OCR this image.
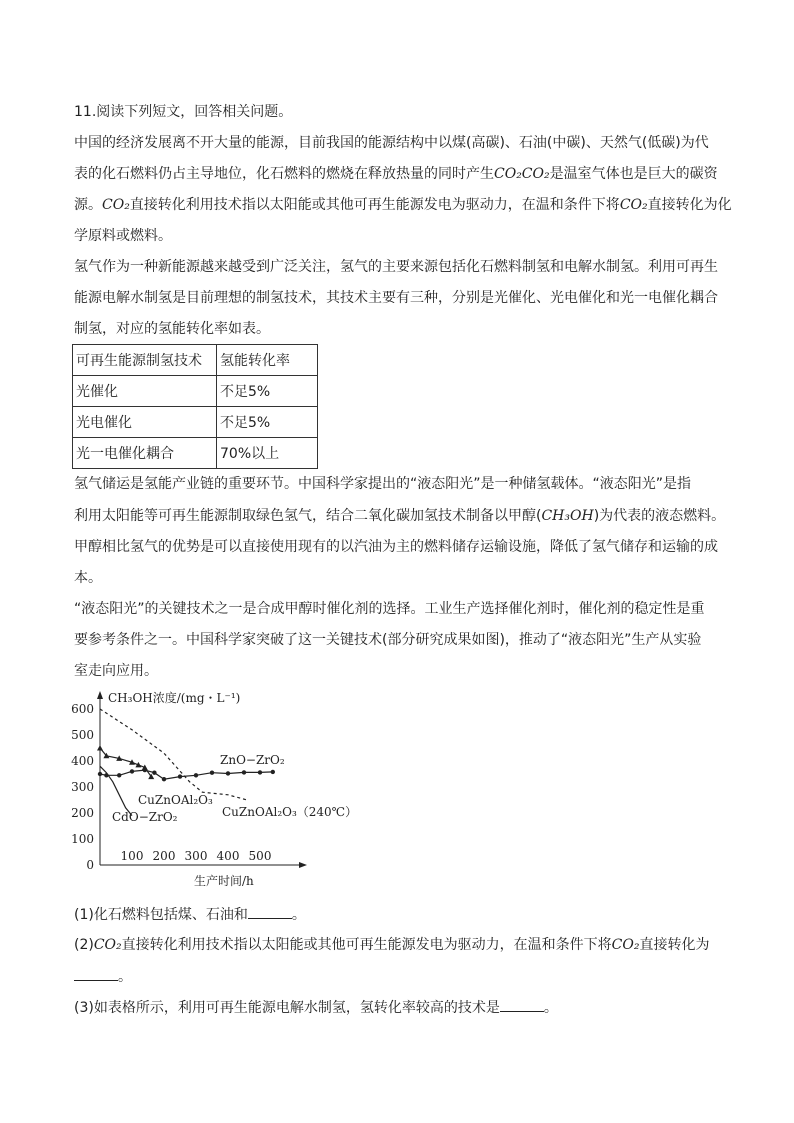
11.阅读下列短文，回答相关问题。
中国的经济发展离不开大量的能源，目前我国的能源结构中以煤(高碳)、石油(中碳)、天然气(低碳)为代
表的化石燃料仍占主导地位，化石燃料的燃烧在释放热量的同时产生CO₂CO₂是温室气体也是巨大的碳资
源。CO₂直接转化利用技术指以太阳能或其他可再生能源发电为驱动力，在温和条件下将CO₂直接转化为化
学原料或燃料。
氢气作为一种新能源越来越受到广泛关注，氢气的主要来源包括化石燃料制氢和电解水制氢。利用可再生
能源电解水制氢是目前理想的制氢技术，其技术主要有三种，分别是光催化、光电催化和光一电催化耦合
制氢，对应的氢能转化率如表。
可再生能源制氢技术	氢能转化率
光催化	不足5%
光电催化	不足5%
光一电催化耦合	70%以上
氢气储运是氢能产业链的重要环节。中国科学家提出的“液态阳光”是一种储氢载体。“液态阳光”是指
利用太阳能等可再生能源制取绿色氢气，结合二氧化碳加氢技术制备以甲醇(CH₃OH)为代表的液态燃料。
甲醇相比氢气的优势是可以直接使用现有的以汽油为主的燃料储存运输设施，降低了氢气储存和运输的成
本。
“液态阳光”的关键技术之一是合成甲醇时催化剂的选择。工业生产选择催化剂时，催化剂的稳定性是重
要参考条件之一。中国科学家突破了这一关键技术(部分研究成果如图)，推动了“液态阳光”生产从实验
室走向应用。
CH₃OH浓度/(mg・L⁻¹)
生产时间/h
0
100
200
300
400
500
600
100 200 300 400 500
ZnO−ZrO₂
CuZnOAl₂O₃
CdO−ZrO₂	CuZnOAl₂O₃（240℃）
(1)化石燃料包括煤、石油和	。
(2)CO₂直接转化利用技术指以太阳能或其他可再生能源发电为驱动力，在温和条件下将CO₂直接转化为
。
(3)如表格所示，利用可再生能源电解水制氢，氢转化率较高的技术是	。
